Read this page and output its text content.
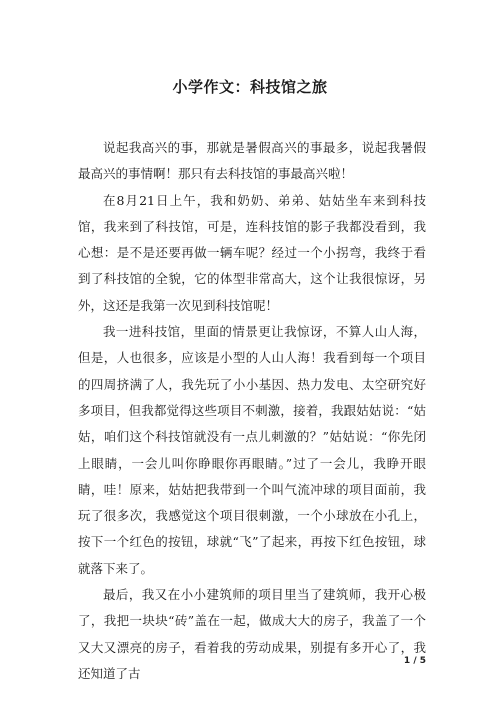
小学作文：科技馆之旅

说起我高兴的事，那就是暑假高兴的事最多，说起我暑假最高兴的事情啊！那只有去科技馆的事最高兴啦！

在8月21日上午，我和奶奶、弟弟、姑姑坐车来到科技馆，我来到了科技馆，可是，连科技馆的影子我都没看到，我心想：是不是还要再做一辆车呢？经过一个小拐弯，我终于看到了科技馆的全貌，它的体型非常高大，这个让我很惊讶，另外，这还是我第一次见到科技馆呢！

我一进科技馆，里面的情景更让我惊讶，不算人山人海，但是，人也很多，应该是小型的人山人海！我看到每一个项目的四周挤满了人，我先玩了小小基因、热力发电、太空研究好多项目，但我都觉得这些项目不刺激，接着，我跟姑姑说：“姑姑，咱们这个科技馆就没有一点儿刺激的？”姑姑说：“你先闭上眼睛，一会儿叫你睁眼你再眼睛。”过了一会儿，我睁开眼睛，哇！原来，姑姑把我带到一个叫气流冲球的项目面前，我玩了很多次，我感觉这个项目很刺激，一个小球放在小孔上，按下一个红色的按钮，球就“飞”了起来，再按下红色按钮，球就落下来了。

最后，我又在小小建筑师的项目里当了建筑师，我开心极了，我把一块块“砖”盖在一起，做成大大的房子，我盖了一个又大又漂亮的房子，看着我的劳动成果，别提有多开心了，我还知道了古

1 / 5
